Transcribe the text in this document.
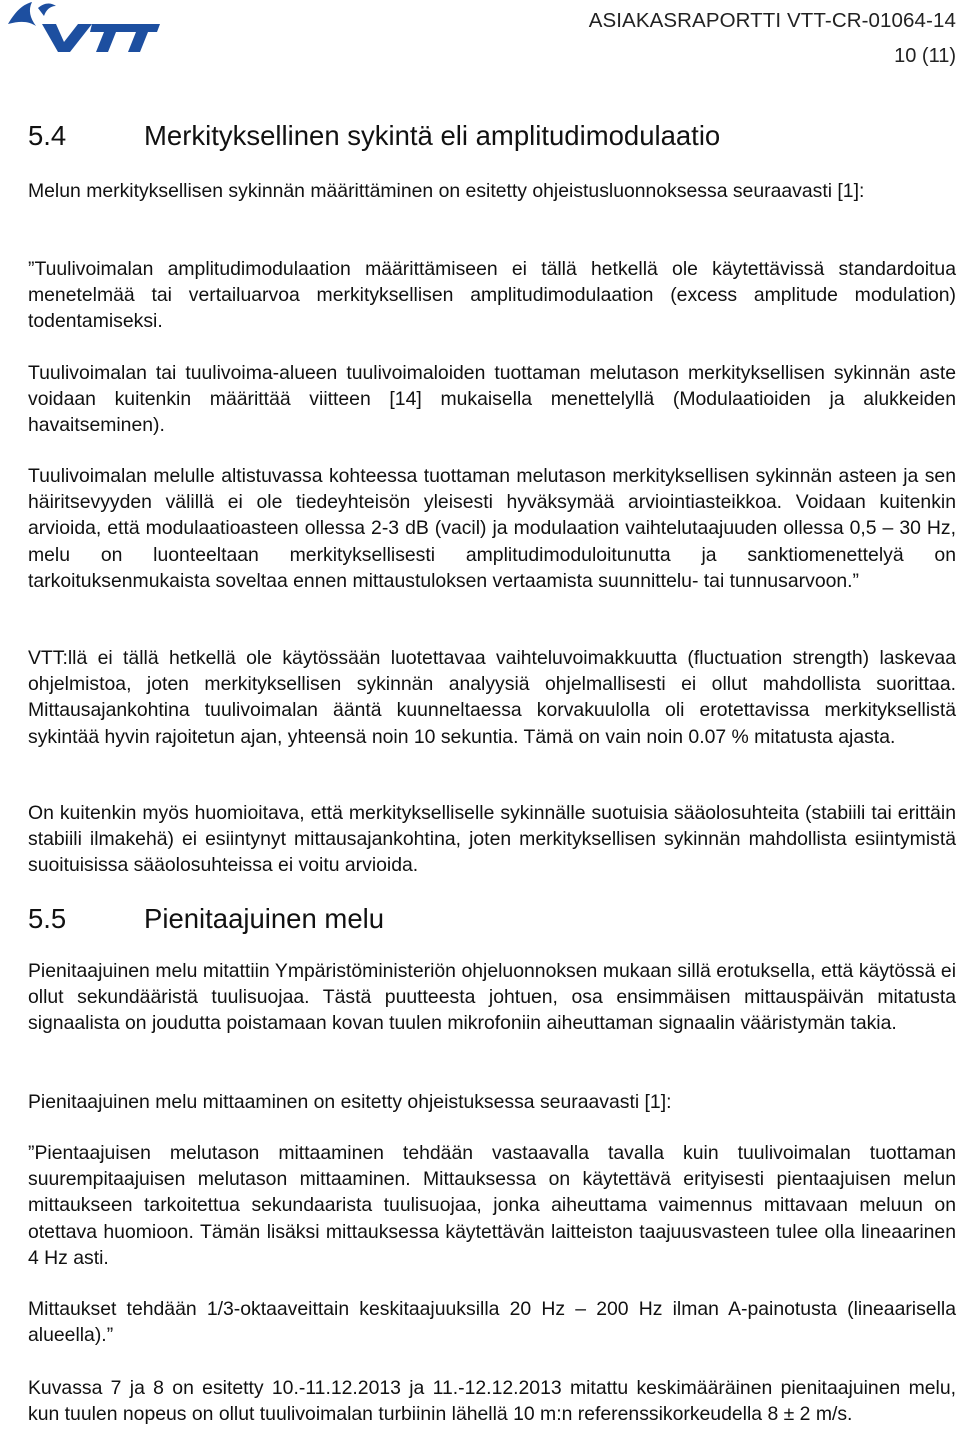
ASIAKASRAPORTTI VTT-CR-01064-14
10 (11)
5.4	Merkityksellinen sykintä eli amplitudimodulaatio

Melun merkityksellisen sykinnän määrittäminen on esitetty ohjeistusluonnoksessa seuraavasti [1]:

”Tuulivoimalan amplitudimodulaation määrittämiseen ei tällä hetkellä ole käytettävissä standardoitua menetelmää tai vertailuarvoa merkityksellisen amplitudimodulaation (excess amplitude modulation) todentamiseksi.

Tuulivoimalan tai tuulivoima-alueen tuulivoimaloiden tuottaman melutason merkityksellisen sykinnän aste voidaan kuitenkin määrittää viitteen [14] mukaisella menettelyllä (Modulaatioiden ja alukkeiden havaitseminen).

Tuulivoimalan melulle altistuvassa kohteessa tuottaman melutason merkityksellisen sykinnän asteen ja sen häiritsevyyden välillä ei ole tiedeyhteisön yleisesti hyväksymää arviointiasteikkoa. Voidaan kuitenkin arvioida, että modulaatioasteen ollessa 2-3 dB (vacil) ja modulaation vaihtelutaajuuden ollessa 0,5 – 30 Hz, melu on luonteeltaan merkityksellisesti amplitudimoduloitunutta ja sanktiomenettelyä on tarkoituksenmukaista soveltaa ennen mittaustuloksen vertaamista suunnittelu- tai tunnusarvoon.”

VTT:llä ei tällä hetkellä ole käytössään luotettavaa vaihteluvoimakkuutta (fluctuation strength) laskevaa ohjelmistoa, joten merkityksellisen sykinnän analyysiä ohjelmallisesti ei ollut mahdollista suorittaa. Mittausajankohtina tuulivoimalan ääntä kuunneltaessa korvakuulolla oli erotettavissa merkityksellistä sykintää hyvin rajoitetun ajan, yhteensä noin 10 sekuntia. Tämä on vain noin 0.07 % mitatusta ajasta.

On kuitenkin myös huomioitava, että merkitykselliselle sykinnälle suotuisia sääolosuhteita (stabiili tai erittäin stabiili ilmakehä) ei esiintynyt mittausajankohtina, joten merkityksellisen sykinnän mahdollista esiintymistä suoituisissa sääolosuhteissa ei voitu arvioida.

5.5	Pienitaajuinen melu

Pienitaajuinen melu mitattiin Ympäristöministeriön ohjeluonnoksen mukaan sillä erotuksella, että käytössä ei ollut sekundääristä tuulisuojaa. Tästä puutteesta johtuen, osa ensimmäisen mittauspäivän mitatusta signaalista on joudutta poistamaan kovan tuulen mikrofoniin aiheuttaman signaalin vääristymän takia.

Pienitaajuinen melu mittaaminen on esitetty ohjeistuksessa seuraavasti [1]:

”Pientaajuisen melutason mittaaminen tehdään vastaavalla tavalla kuin tuulivoimalan tuottaman suurempitaajuisen melutason mittaaminen. Mittauksessa on käytettävä erityisesti pientaajuisen melun mittaukseen tarkoitettua sekundaarista tuulisuojaa, jonka aiheuttama vaimennus mittavaan meluun on otettava huomioon. Tämän lisäksi mittauksessa käytettävän laitteiston taajuusvasteen tulee olla lineaarinen 4 Hz asti.

Mittaukset tehdään 1/3-oktaaveittain keskitaajuuksilla 20 Hz – 200 Hz ilman A-painotusta (lineaarisella alueella).”

Kuvassa 7 ja 8 on esitetty 10.-11.12.2013 ja 11.-12.12.2013 mitattu keskimääräinen pienitaajuinen melu, kun tuulen nopeus on ollut tuulivoimalan turbiinin lähellä 10 m:n referenssikorkeudella 8 ± 2 m/s.
